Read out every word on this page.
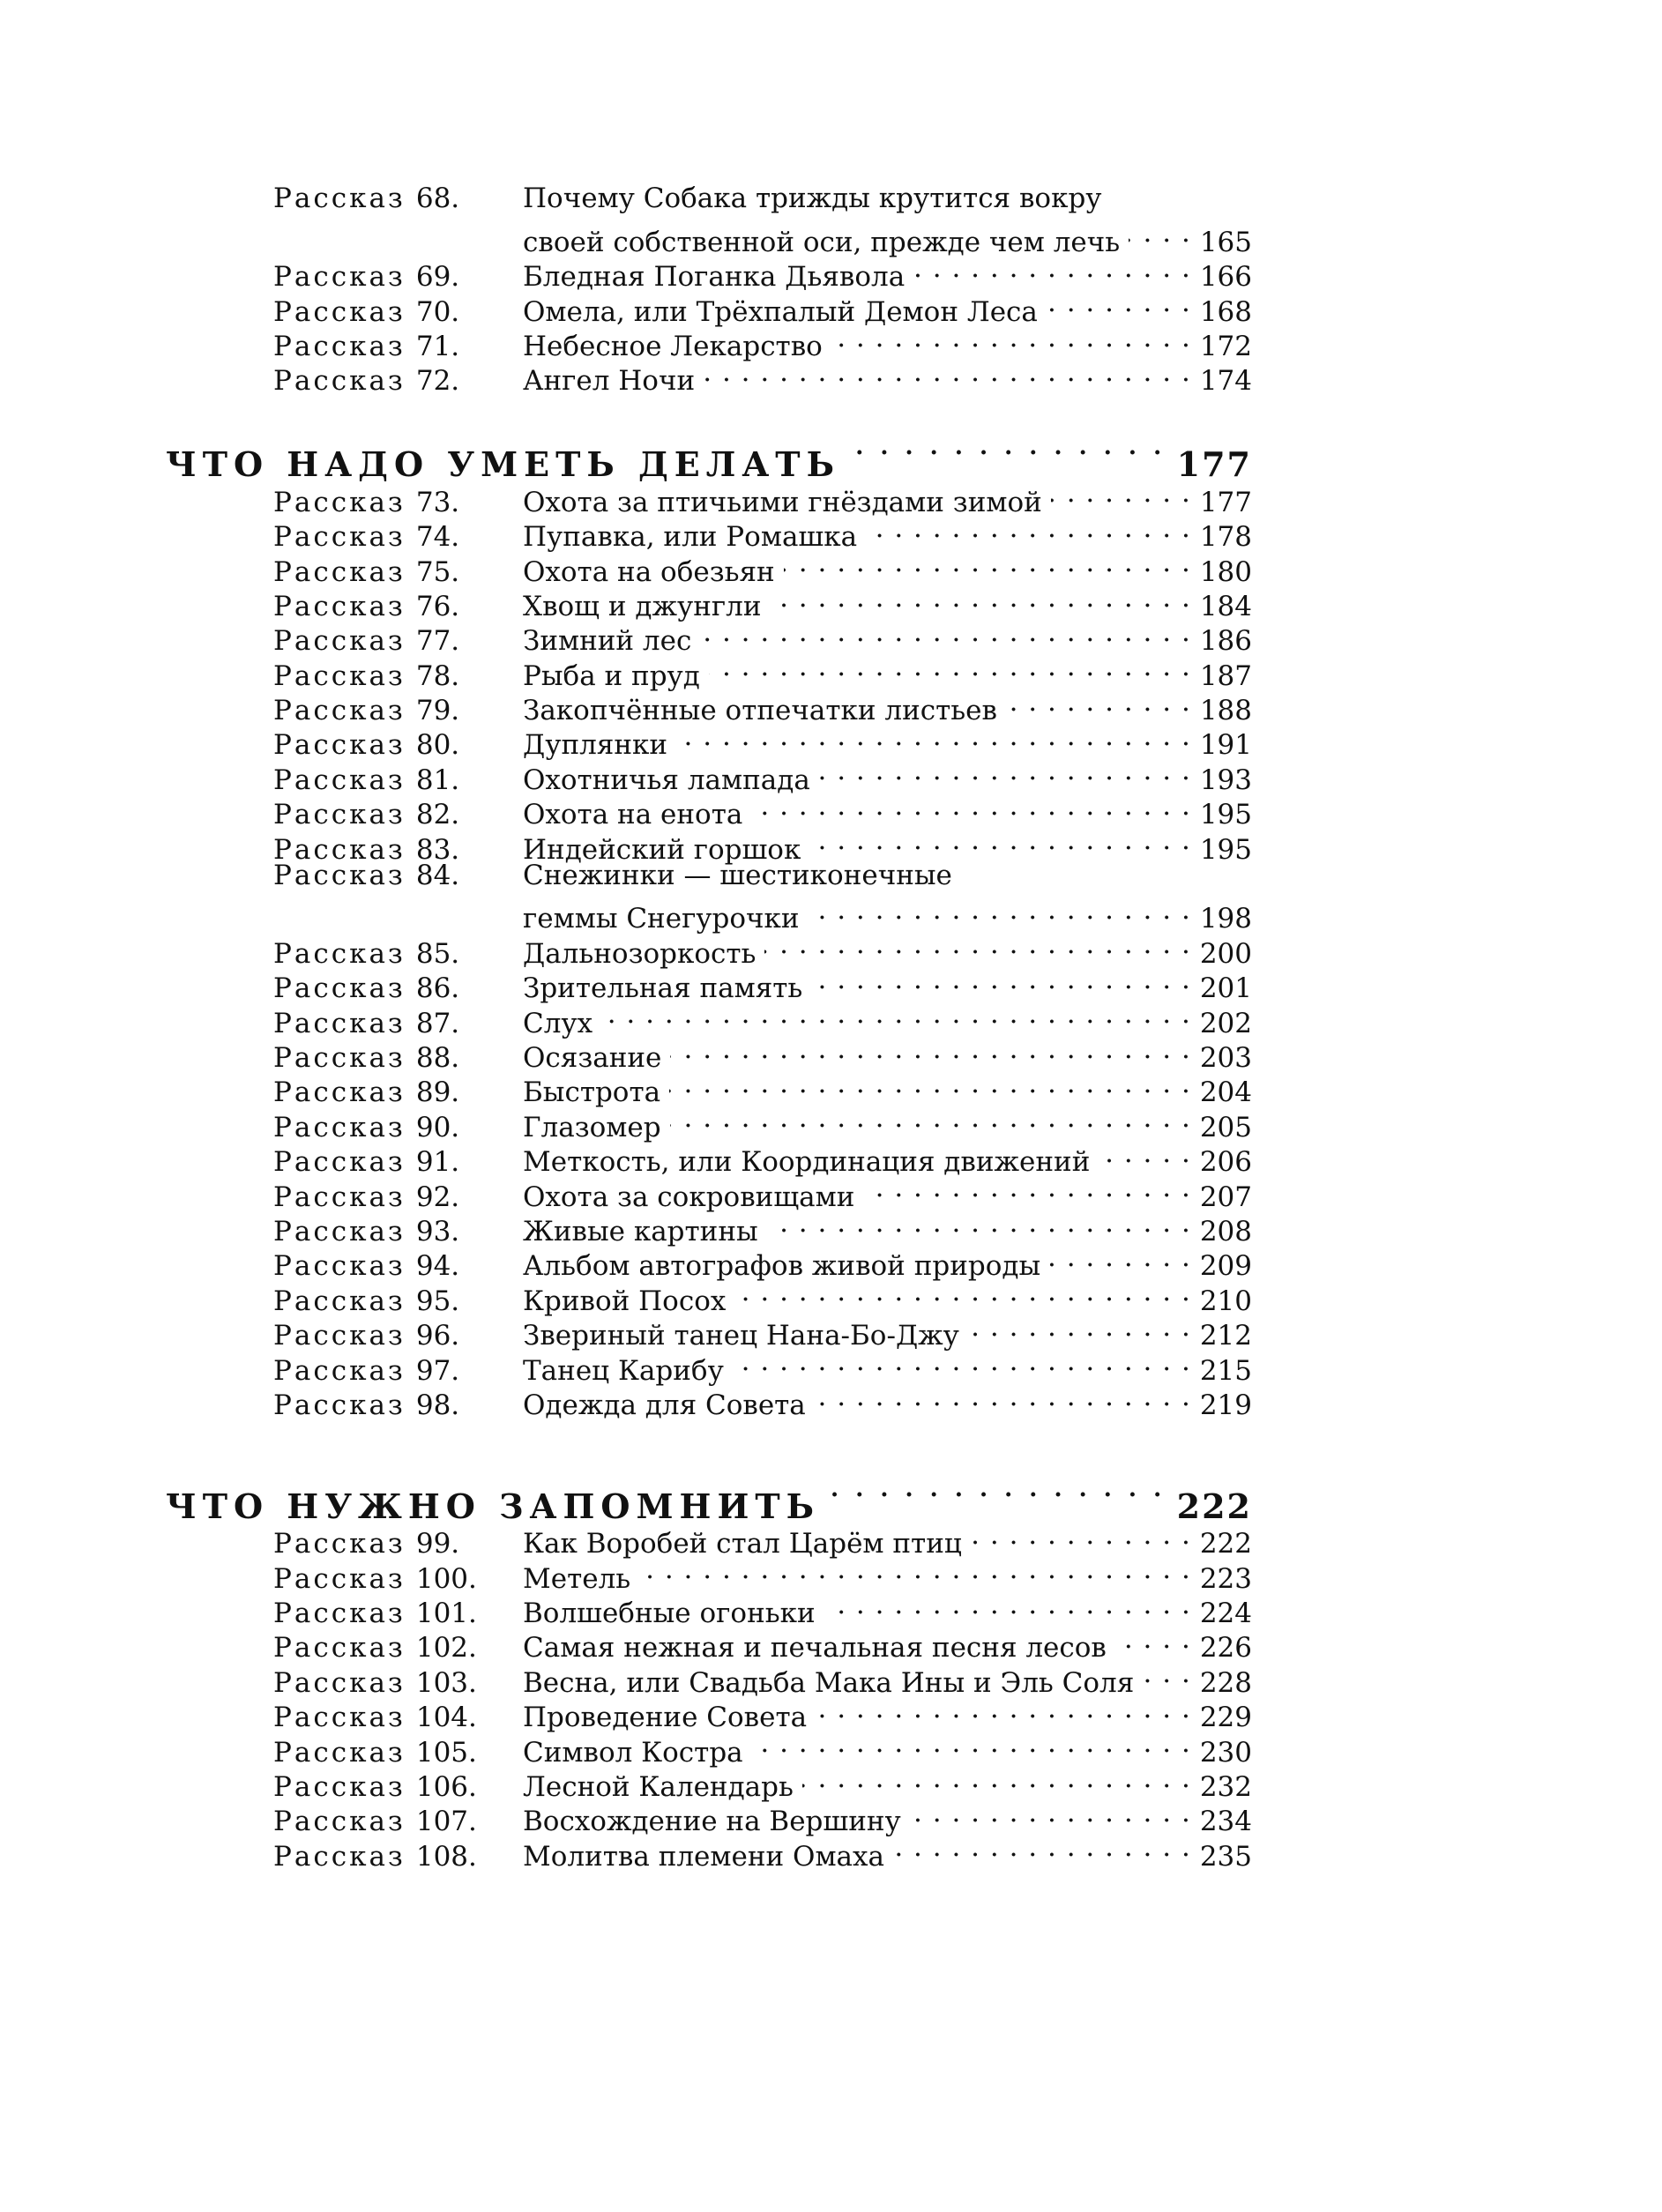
Рассказ 68. Почему Собака трижды крутится вокру
своей собственной оси, прежде чем лечь . . .	165
Рассказ 69. Бледная Поганка Дьявола . . .	166
Рассказ 70. Омела, или Трёхпалый Демон Леса . . .	168
Рассказ 71. Небесное Лекарство . . .	172
Рассказ 72. Ангел Ночи . . .	174
ЧТО НАДО УМЕТЬ ДЕЛАТЬ . . .	177
Рассказ 73. Охота за птичьими гнёздами зимой . . .	177
Рассказ 74. Пупавка, или Ромашка . . .	178
Рассказ 75. Охота на обезьян . . .	180
Рассказ 76. Хвощ и джунгли . . .	184
Рассказ 77. Зимний лес . . .	186
Рассказ 78. Рыба и пруд . . .	187
Рассказ 79. Закопчённые отпечатки листьев . . .	188
Рассказ 80. Дуплянки . . .	191
Рассказ 81. Охотничья лампада . . .	193
Рассказ 82. Охота на енота . . .	195
Рассказ 83. Индейский горшок . . .	195
Рассказ 84. Снежинки — шестиконечные
геммы Снегурочки . . .	198
Рассказ 85. Дальнозоркость . . .	200
Рассказ 86. Зрительная память . . .	201
Рассказ 87. Слух . . .	202
Рассказ 88. Осязание . . .	203
Рассказ 89. Быстрота . . .	204
Рассказ 90. Глазомер . . .	205
Рассказ 91. Меткость, или Координация движений . . .	206
Рассказ 92. Охота за сокровищами . . .	207
Рассказ 93. Живые картины . . .	208
Рассказ 94. Альбом автографов живой природы . . .	209
Рассказ 95. Кривой Посох . . .	210
Рассказ 96. Звериный танец Нана-Бо-Джу . . .	212
Рассказ 97. Танец Карибу . . .	215
Рассказ 98. Одежда для Совета . . .	219
ЧТО НУЖНО ЗАПОМНИТЬ . . .	222
Рассказ 99. Как Воробей стал Царём птиц . . .	222
Рассказ 100. Метель . . .	223
Рассказ 101. Волшебные огоньки . . .	224
Рассказ 102. Самая нежная и печальная песня лесов . . .	226
Рассказ 103. Весна, или Свадьба Мака Ины и Эль Соля . . . 228
Рассказ 104. Проведение Совета . . .	229
Рассказ 105. Символ Костра . . .	230
Рассказ 106. Лесной Календарь . . .	232
Рассказ 107. Восхождение на Вершину . . .	234
Рассказ 108. Молитва племени Омаха . . .	235
